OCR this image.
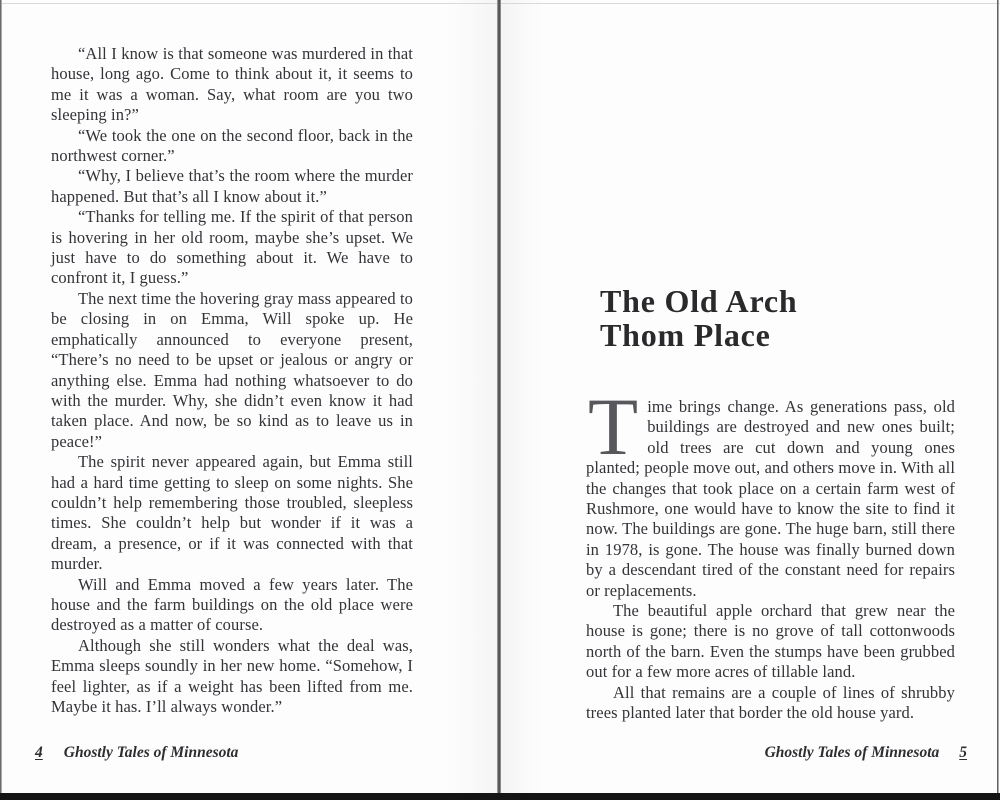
“All I know is that someone was murdered in that house, long ago. Come to think about it, it seems to me it was a woman. Say, what room are you two sleeping in?”

“We took the one on the second floor, back in the northwest corner.”

“Why, I believe that’s the room where the murder happened. But that’s all I know about it.”

“Thanks for telling me. If the spirit of that person is hovering in her old room, maybe she’s upset. We just have to do something about it. We have to confront it, I guess.”

The next time the hovering gray mass appeared to be closing in on Emma, Will spoke up. He emphatically announced to everyone present, “There’s no need to be upset or jealous or angry or anything else. Emma had nothing whatsoever to do with the murder. Why, she didn’t even know it had taken place. And now, be so kind as to leave us in peace!”

The spirit never appeared again, but Emma still had a hard time getting to sleep on some nights. She couldn’t help remembering those troubled, sleepless times. She couldn’t help but wonder if it was a dream, a presence, or if it was connected with that murder.

Will and Emma moved a few years later. The house and the farm buildings on the old place were destroyed as a matter of course.

Although she still wonders what the deal was, Emma sleeps soundly in her new home. “Somehow, I feel lighter, as if a weight has been lifted from me. Maybe it has. I’ll always wonder.”

4 Ghostly Tales of Minnesota
The Old Arch
Thom Place

Time brings change. As generations pass, old buildings are destroyed and new ones built; old trees are cut down and young ones planted; people move out, and others move in. With all the changes that took place on a certain farm west of Rushmore, one would have to know the site to find it now. The buildings are gone. The huge barn, still there in 1978, is gone. The house was finally burned down by a descendant tired of the constant need for repairs or replacements.

The beautiful apple orchard that grew near the house is gone; there is no grove of tall cottonwoods north of the barn. Even the stumps have been grubbed out for a few more acres of tillable land.

All that remains are a couple of lines of shrubby trees planted later that border the old house yard.

Ghostly Tales of Minnesota 5
